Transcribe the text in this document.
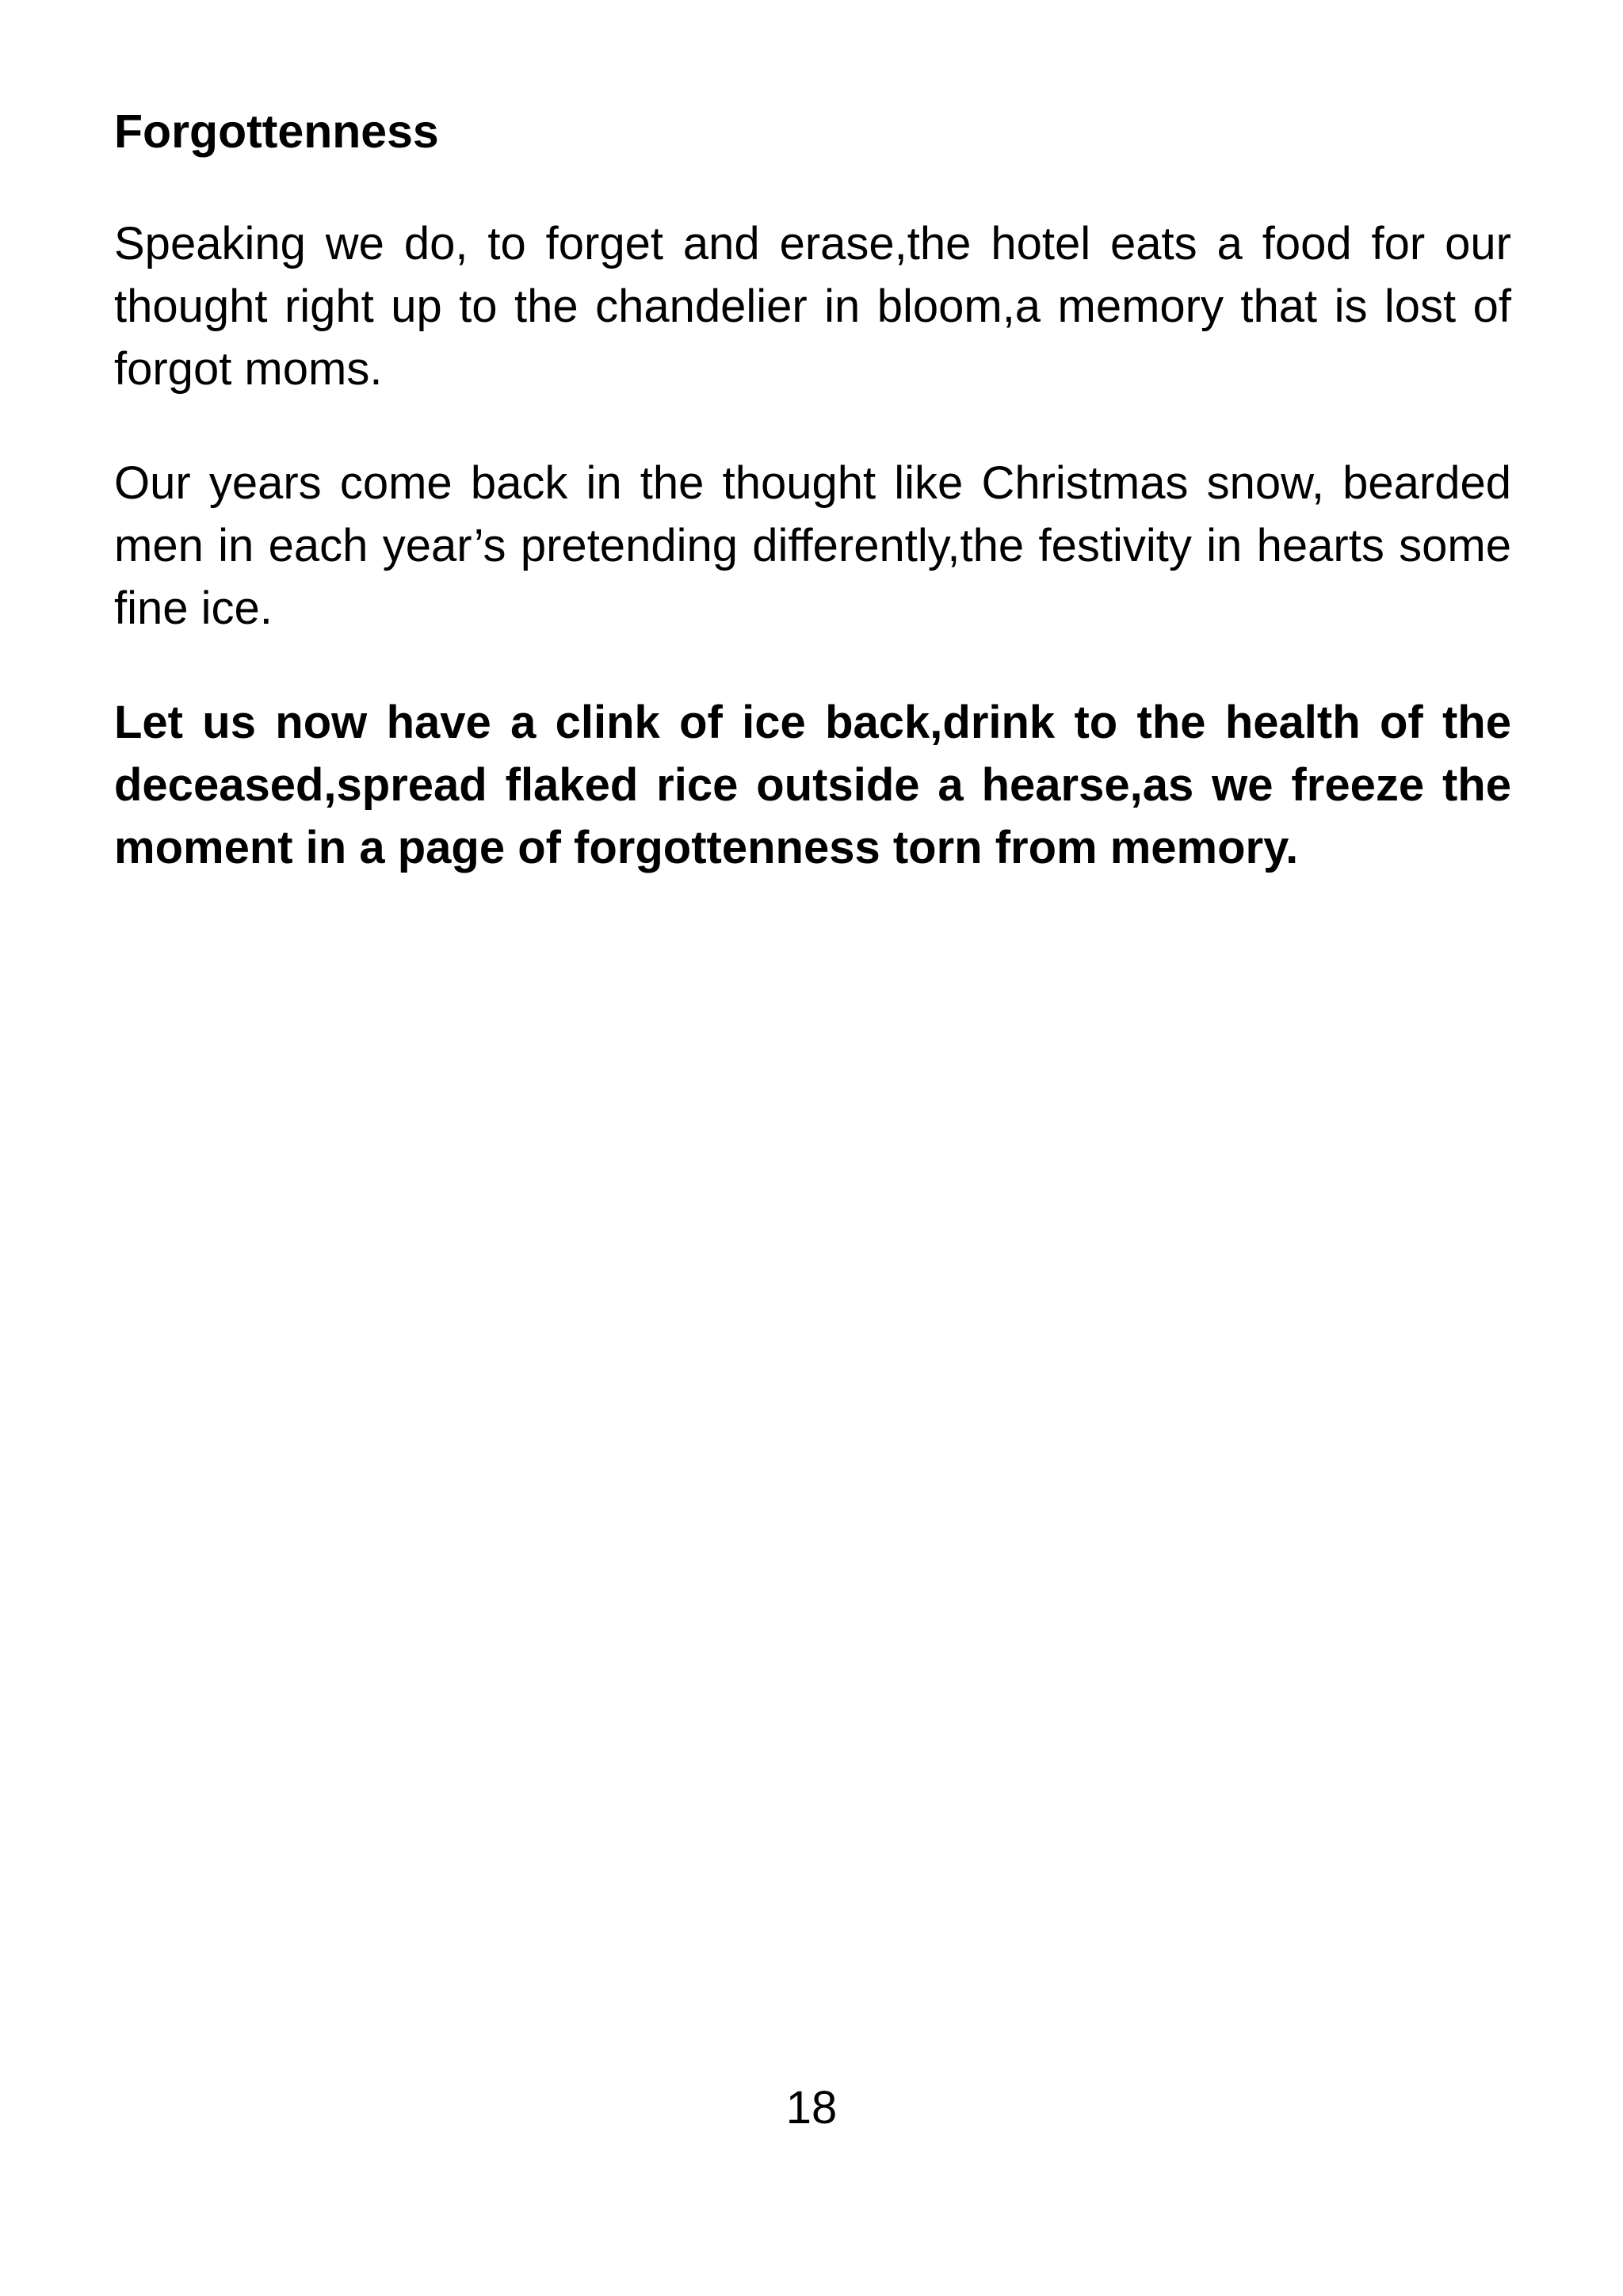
Forgottenness

Speaking we do, to forget and erase,the hotel eats a food for our thought right up to the chandelier in bloom,a memory that is lost of forgot moms.

Our years come back in the thought like Christmas snow, bearded men in each year’s pretending differently,the festivity in hearts some fine ice.

Let us now have a clink of ice back,drink to the health of the deceased,spread flaked rice outside a hearse,as we freeze the moment in a page of forgottenness torn from memory.

18
